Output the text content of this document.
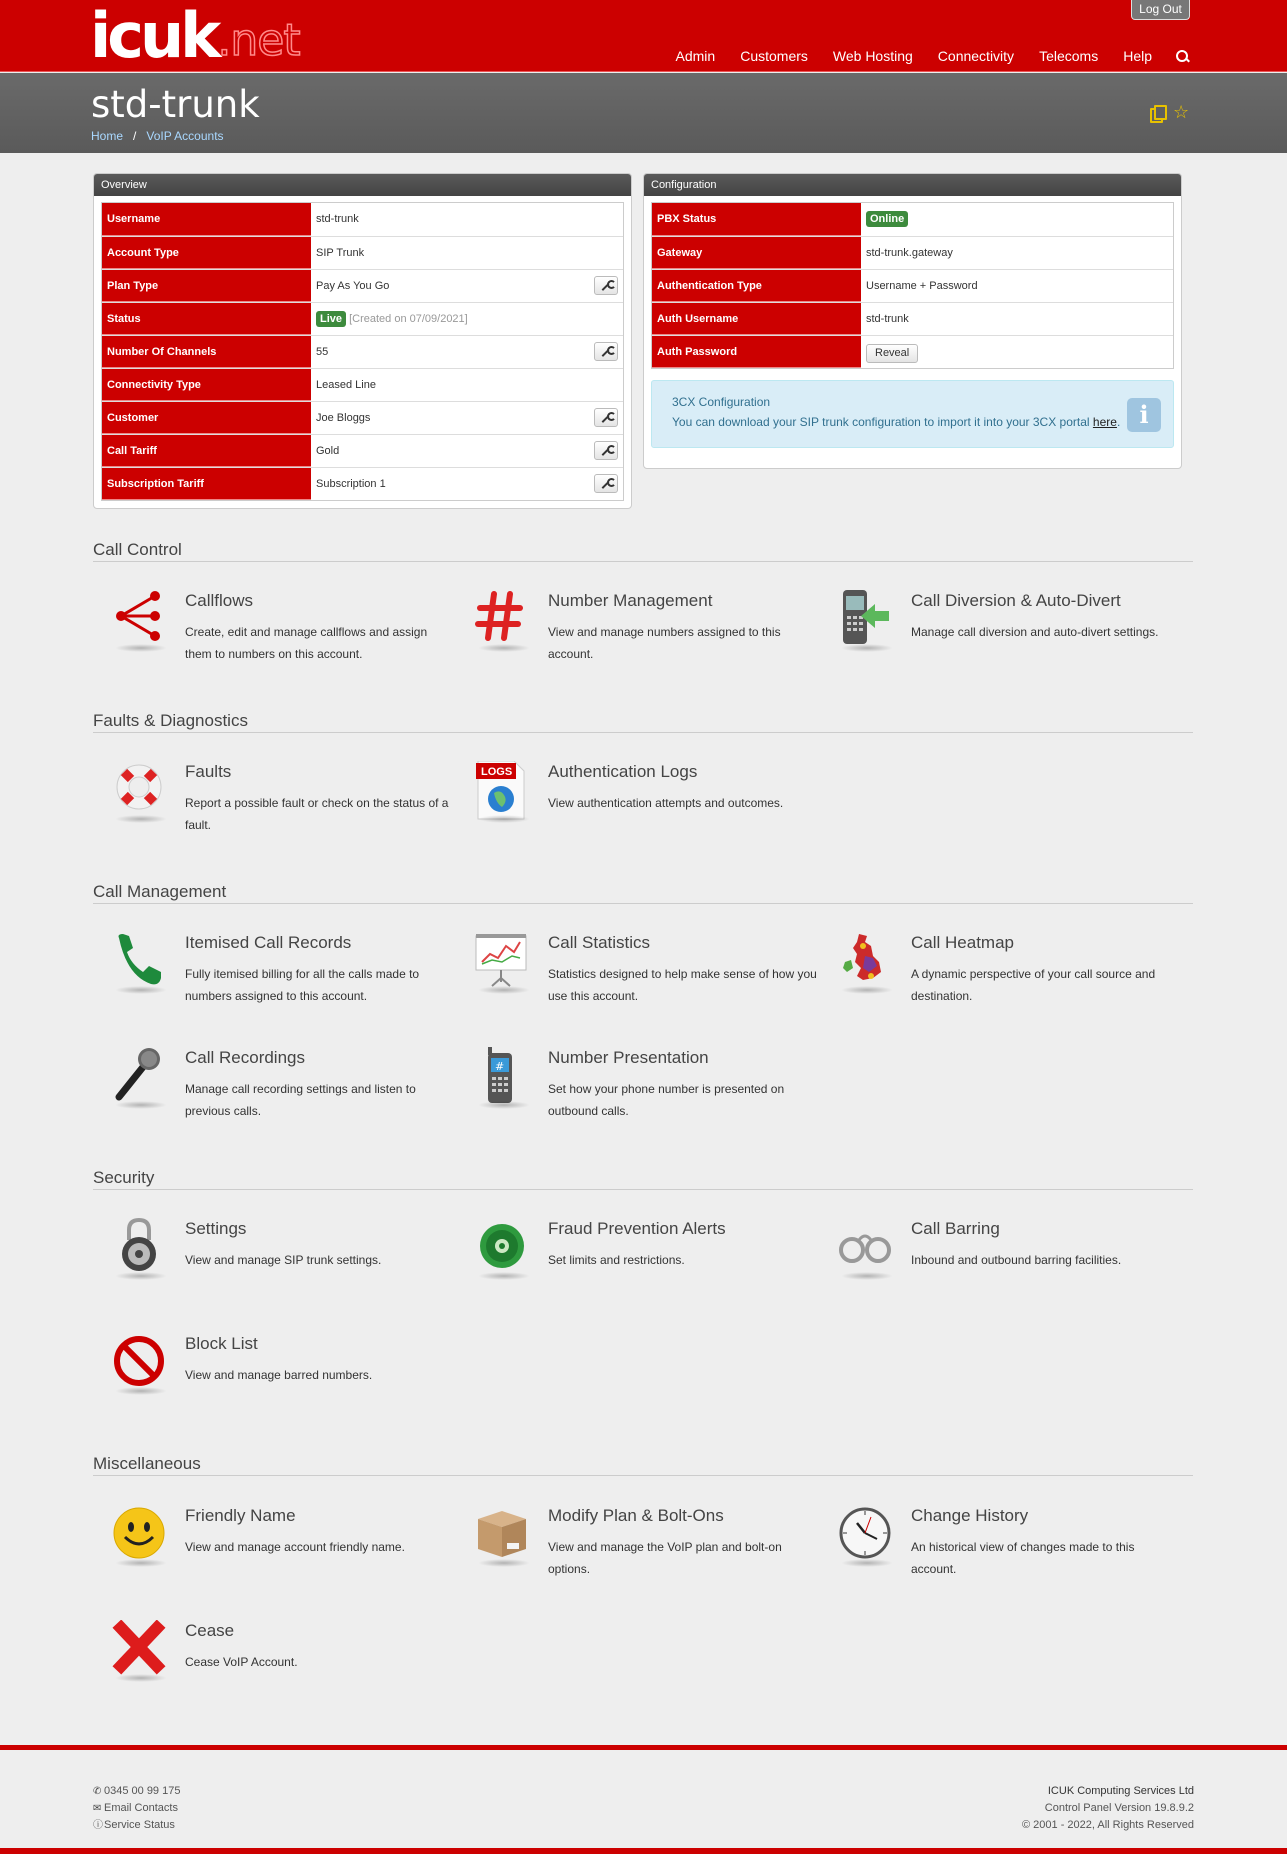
icuk.net
Log Out
Admin Customers Web Hosting Connectivity Telecoms Help
std-trunk
Home / VoIP Accounts
☆
Overview
Username	std-trunk
Account Type	SIP Trunk
Plan Type	Pay As You Go
Status	Live [Created on 07/09/2021]
Number Of Channels	55
Connectivity Type	Leased Line
Customer	Joe Bloggs
Call Tariff	Gold
Subscription Tariff	Subscription 1
Configuration
PBX Status	Online
Gateway	std-trunk.gateway
Authentication Type	Username + Password
Auth Username	std-trunk
Auth Password	Reveal
3CX Configuration
You can download your SIP trunk configuration to import it into your 3CX portal here. i
Call Control
Callflows
Create, edit and manage callflows and assign them to numbers on this account.
Number Management
View and manage numbers assigned to this account.
Call Diversion & Auto-Divert
Manage call diversion and auto-divert settings.
Faults & Diagnostics
Faults
Report a possible fault or check on the status of a fault.
LOGS Authentication Logs
View authentication attempts and outcomes.
Call Management
Itemised Call Records
Fully itemised billing for all the calls made to numbers assigned to this account.
Call Statistics
Statistics designed to help make sense of how you use this account.
Call Heatmap
A dynamic perspective of your call source and destination.
Call Recordings
Manage call recording settings and listen to previous calls.
#	Number Presentation
Set how your phone number is presented on outbound calls.
Security
Settings
View and manage SIP trunk settings.
Fraud Prevention Alerts
Set limits and restrictions.
Call Barring
Inbound and outbound barring facilities.
Block List
View and manage barred numbers.
Miscellaneous
Friendly Name
View and manage account friendly name.
Modify Plan & Bolt-Ons
View and manage the VoIP plan and bolt-on options.
Change History
An historical view of changes made to this account.
Cease
Cease VoIP Account.
✆ 0345 00 99 175
✉ Email Contacts
ⓘService Status
ICUK Computing Services Ltd
Control Panel Version 19.8.9.2
© 2001 - 2022, All Rights Reserved
